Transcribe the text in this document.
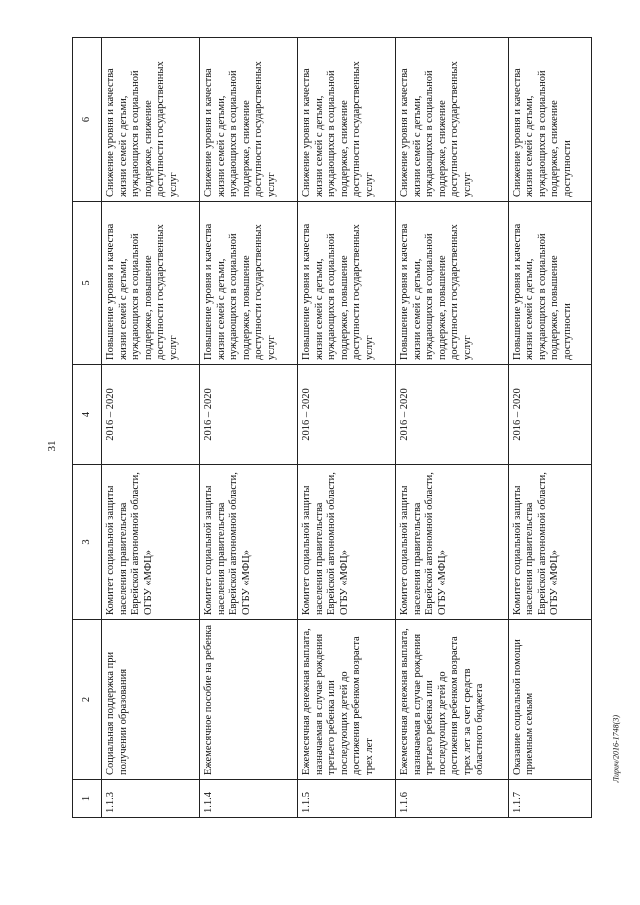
31
1	2	3	4	5	6
1.1.3	Социальная поддержка при получении образования	Комитет социальной защиты населения правительства Еврейской автономной области, ОГБУ «МФЦ»	2016 – 2020	Повышение уровня и качества жизни семей с детьми, нуждающихся в социальной поддержке, повышение доступности государственных услуг	Снижение уровня и качества жизни семей с детьми, нуждающихся в социальной поддержке, снижение доступности государственных услуг
1.1.4	Ежемесячное пособие на ребенка	Комитет социальной защиты населения правительства Еврейской автономной области, ОГБУ «МФЦ»	2016 – 2020	Повышение уровня и качества жизни семей с детьми, нуждающихся в социальной поддержке, повышение доступности государственных услуг	Снижение уровня и качества жизни семей с детьми, нуждающихся в социальной поддержке, снижение доступности государственных услуг
1.1.5	Ежемесячная денежная выплата, назначаемая в случае рождения третьего ребенка или последующих детей до достижения ребенком возраста трех лет	Комитет социальной защиты населения правительства Еврейской автономной области, ОГБУ «МФЦ»	2016 – 2020	Повышение уровня и качества жизни семей с детьми, нуждающихся в социальной поддержке, повышение доступности государственных услуг	Снижение уровня и качества жизни семей с детьми, нуждающихся в социальной поддержке, снижение доступности государственных услуг
1.1.6	Ежемесячная денежная выплата, назначаемая в случае рождения третьего ребенка или последующих детей до достижения ребенком возраста трех лет за счет средств областного бюджета	Комитет социальной защиты населения правительства Еврейской автономной области, ОГБУ «МФЦ»	2016 – 2020	Повышение уровня и качества жизни семей с детьми, нуждающихся в социальной поддержке, повышение доступности государственных услуг	Снижение уровня и качества жизни семей с детьми, нуждающихся в социальной поддержке, снижение доступности государственных услуг
1.1.7	Оказание социальной помощи приемным семьям	Комитет социальной защиты населения правительства Еврейской автономной области, ОГБУ «МФЦ»	2016 – 2020	Повышение уровня и качества жизни семей с детьми, нуждающихся в социальной поддержке, повышение доступности	Снижение уровня и качества жизни семей с детьми, нуждающихся в социальной поддержке, снижение доступности
Лирич/2016-1748(3)
